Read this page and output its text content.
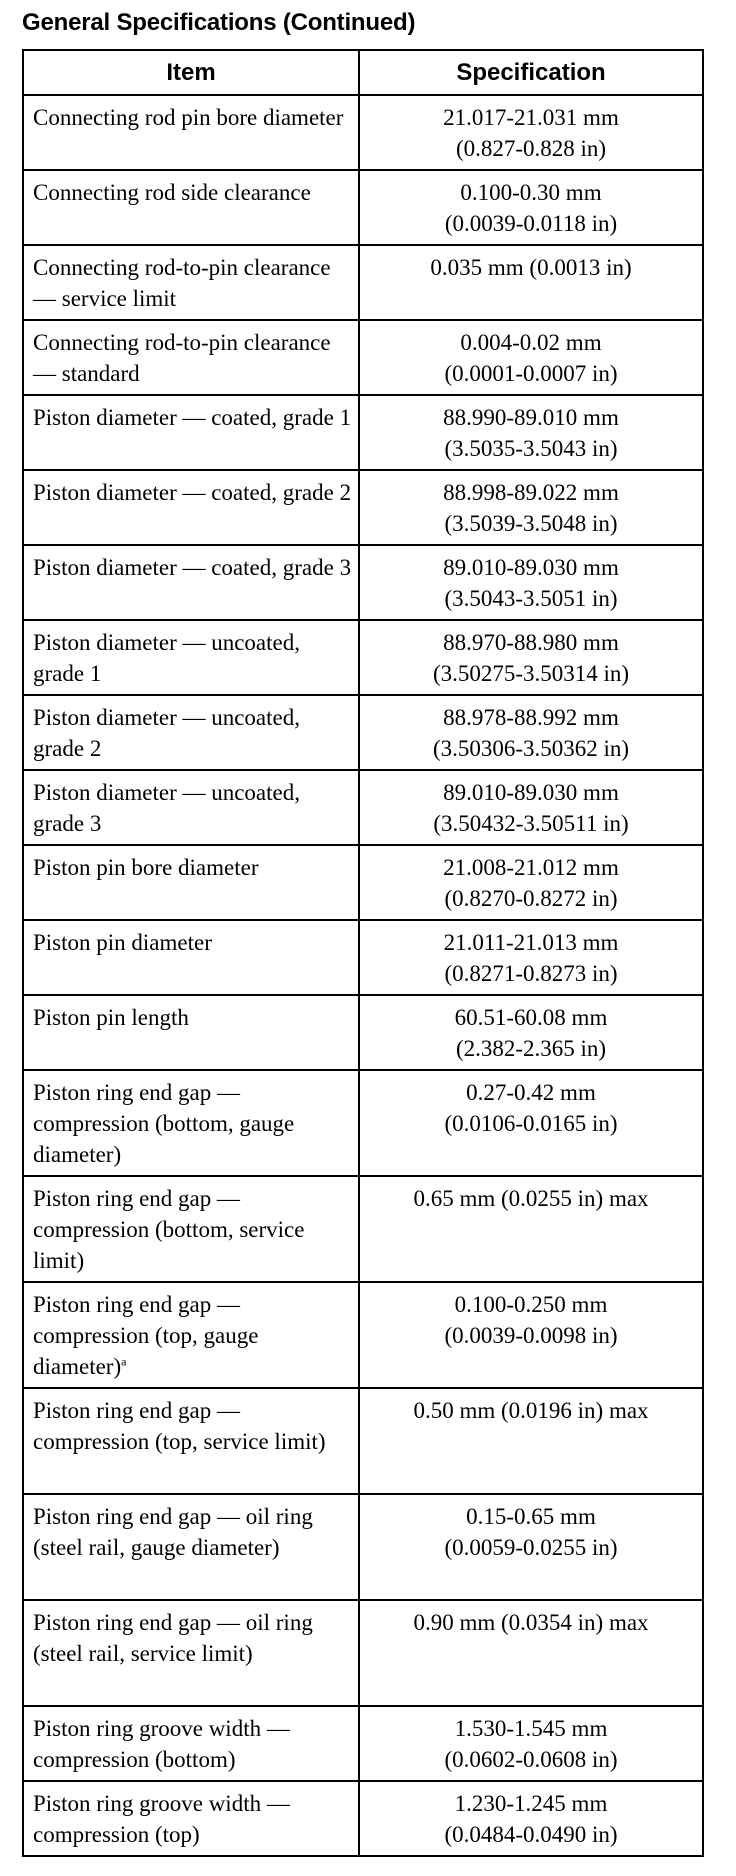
General Specifications (Continued)
Item	Specification
Connecting rod pin bore diameter	21.017-21.031 mm
(0.827-0.828 in)

Connecting rod side clearance	0.100-0.30 mm
(0.0039-0.0118 in)

Connecting rod-to-pin clearance — service limit	0.035 mm (0.0013 in)

Connecting rod-to-pin clearance — standard	0.004-0.02 mm
(0.0001-0.0007 in)

Piston diameter — coated, grade 1	88.990-89.010 mm
(3.5035-3.5043 in)

Piston diameter — coated, grade 2	88.998-89.022 mm
(3.5039-3.5048 in)

Piston diameter — coated, grade 3	89.010-89.030 mm
(3.5043-3.5051 in)

Piston diameter — uncoated, grade 1	88.970-88.980 mm
(3.50275-3.50314 in)

Piston diameter — uncoated, grade 2	88.978-88.992 mm
(3.50306-3.50362 in)

Piston diameter — uncoated, grade 3	89.010-89.030 mm
(3.50432-3.50511 in)

Piston pin bore diameter	21.008-21.012 mm
(0.8270-0.8272 in)

Piston pin diameter	21.011-21.013 mm
(0.8271-0.8273 in)

Piston pin length	60.51-60.08 mm
(2.382-2.365 in)

Piston ring end gap — compression (bottom, gauge diameter)	0.27-0.42 mm
(0.0106-0.0165 in)

Piston ring end gap — compression (bottom, service limit)	0.65 mm (0.0255 in) max

Piston ring end gap — compression (top, gauge diameter)$^a$	0.100-0.250 mm
(0.0039-0.0098 in)

Piston ring end gap — compression (top, service limit)	0.50 mm (0.0196 in) max

Piston ring end gap — oil ring (steel rail, gauge diameter)	0.15-0.65 mm
(0.0059-0.0255 in)

Piston ring end gap — oil ring (steel rail, service limit)	0.90 mm (0.0354 in) max

Piston ring groove width — compression (bottom)	1.530-1.545 mm
(0.0602-0.0608 in)

Piston ring groove width — compression (top)	1.230-1.245 mm
(0.0484-0.0490 in)
